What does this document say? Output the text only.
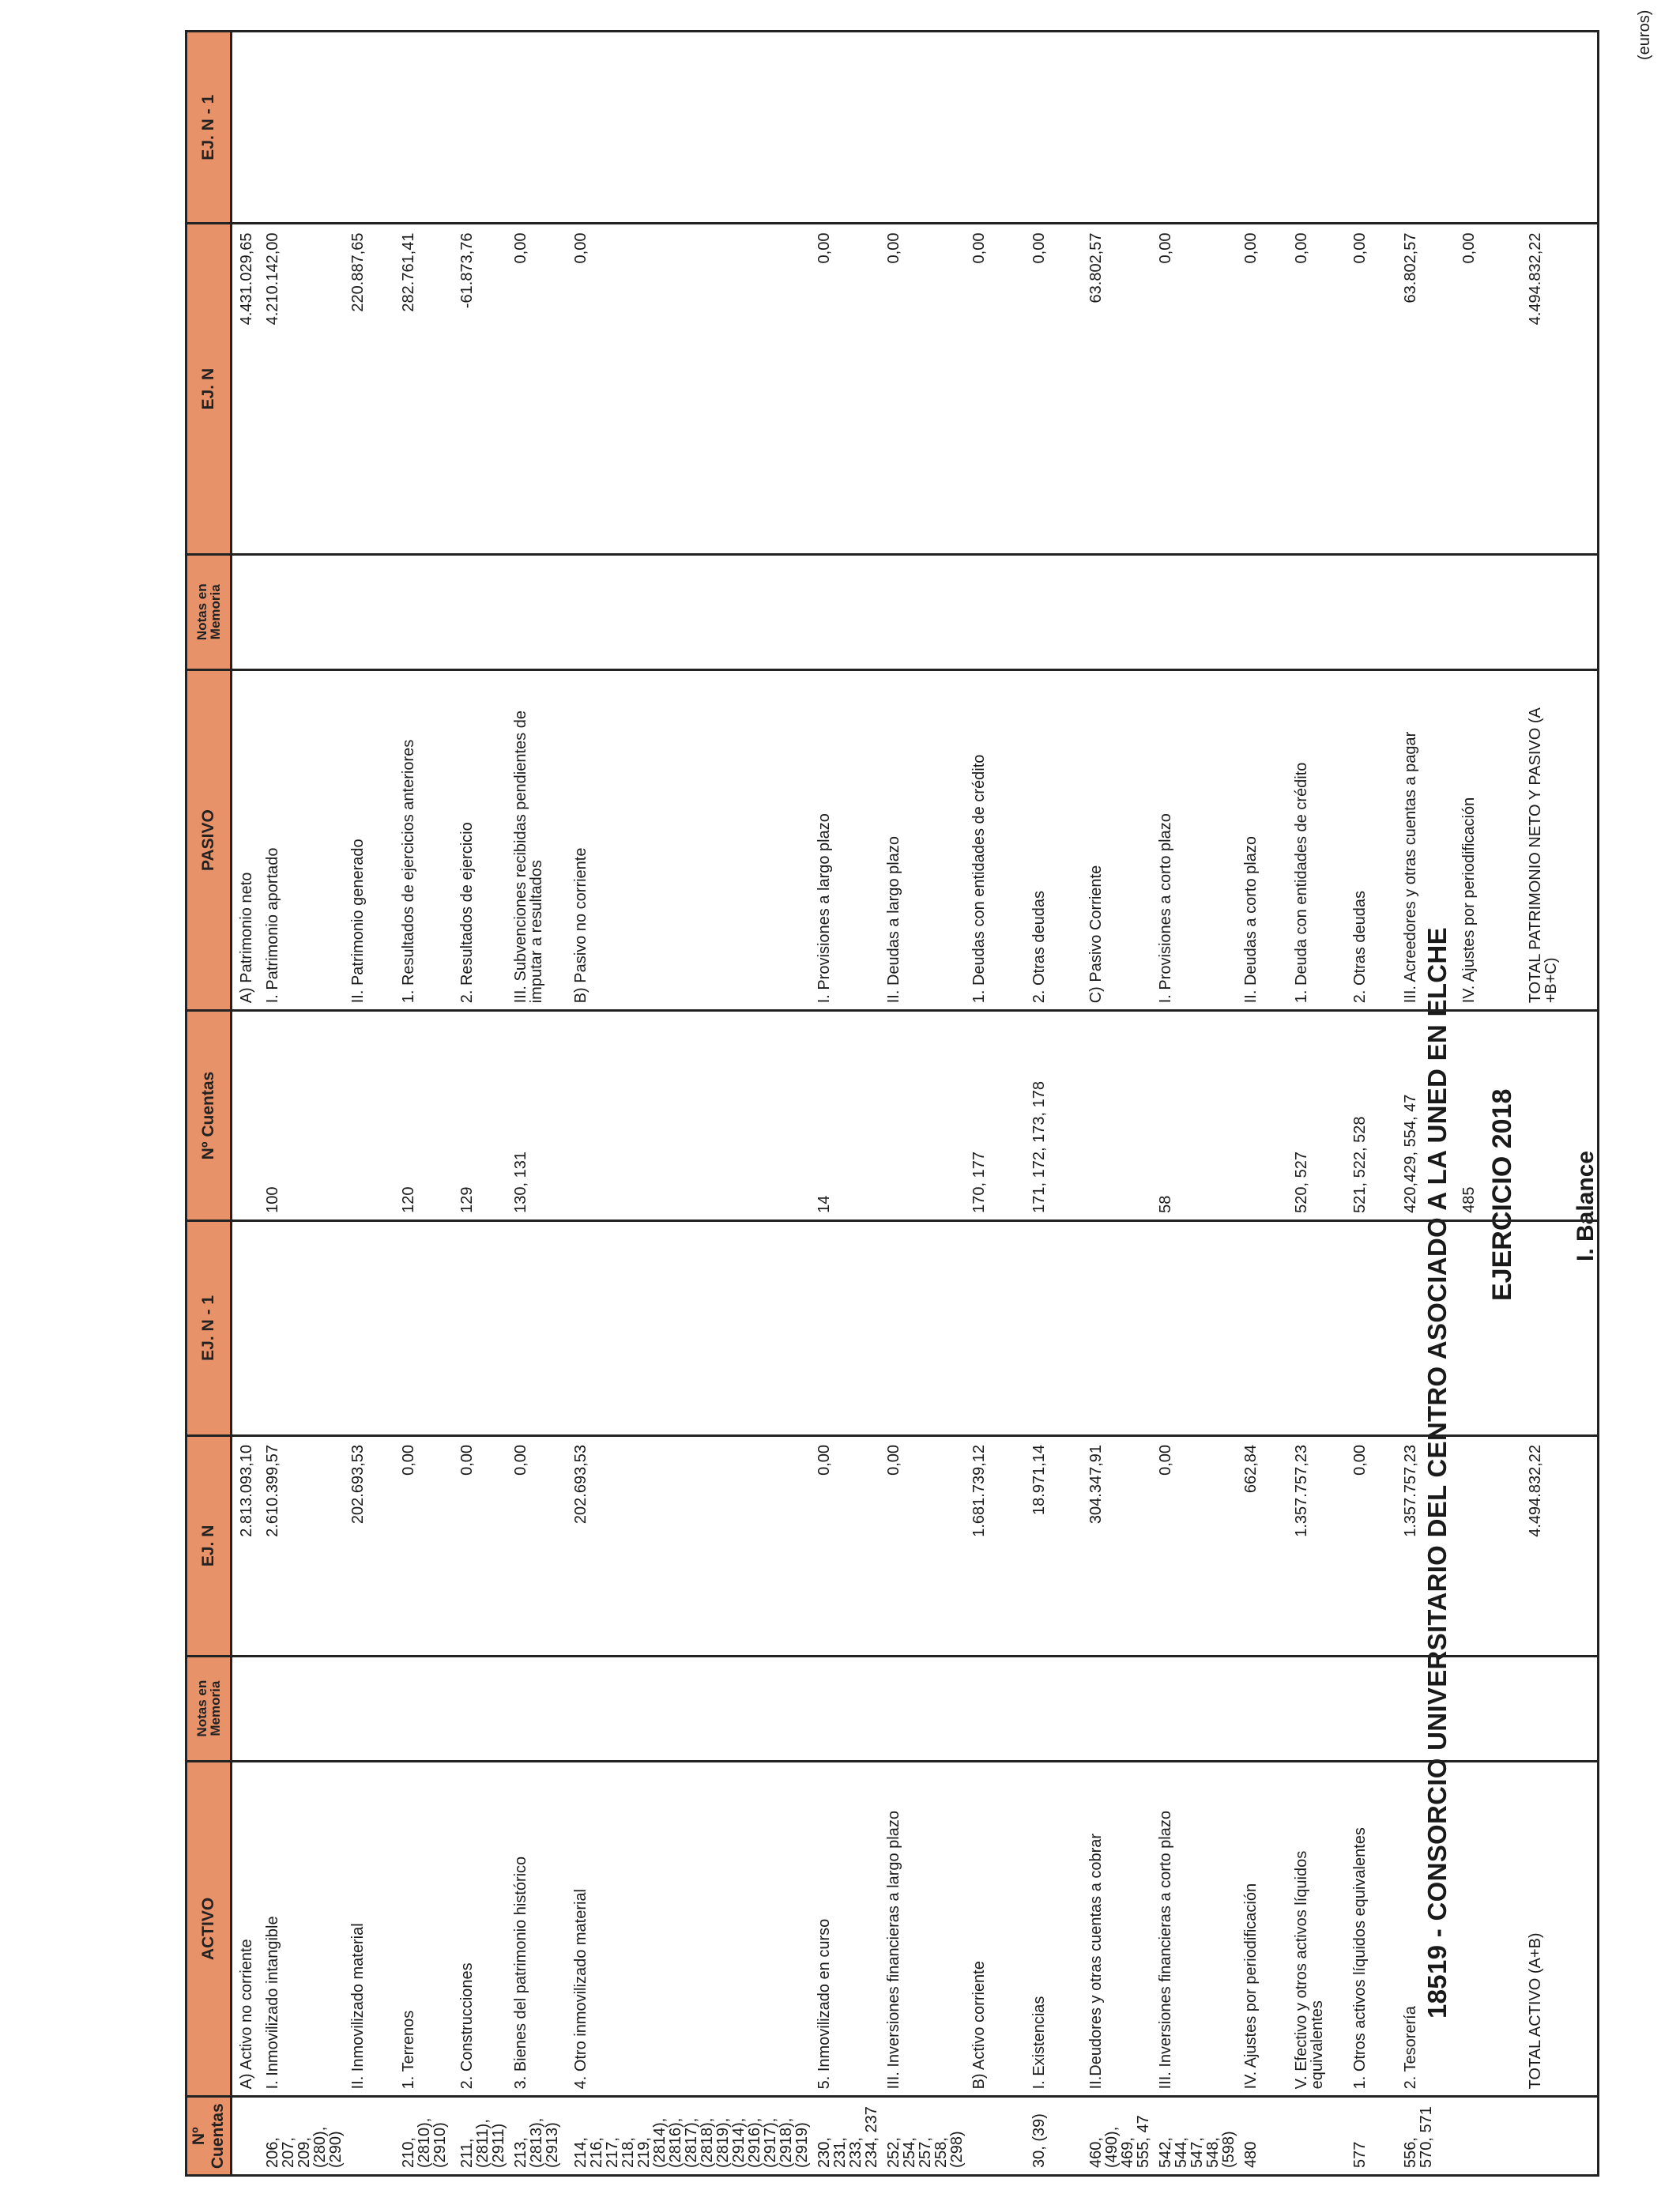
I. Balance
EJERCICIO 2018
18519 - CONSORCIO UNIVERSITARIO DEL CENTRO ASOCIADO A LA UNED EN ELCHE
(euros)
Nº Cuentas	ACTIVO	Notas en Memoria	EJ. N	EJ. N - 1	Nº Cuentas	PASIVO	Notas en Memoria	EJ. N	EJ. N - 1

	A) Activo no corriente		2.813.093,10			A) Patrimonio neto		4.431.029,65	

206, 207, 209, (280), (290)	I. Inmovilizado intangible		2.610.399,57		100	I. Patrimonio aportado		4.210.142,00	

	II. Inmovilizado material		202.693,53			II. Patrimonio generado		220.887,65	

210, (2810), (2910)	1. Terrenos		0,00		120	1. Resultados de ejercicios anteriores		282.761,41	

211, (2811), (2911)	2. Construcciones		0,00		129	2. Resultados de ejercicio		-61.873,76	

213, (2813), (2913)	3. Bienes del patrimonio histórico		0,00		130, 131	III. Subvenciones recibidas pendientes de imputar a resultados		0,00	

214, 216, 217, 218, 219, (2814), (2816), (2817), (2818), (2819), (2914), (2916), (2917), (2918), (2919)	4. Otro inmovilizado material		202.693,53			B) Pasivo no corriente		0,00	

230, 231, 233, 234, 237	5. Inmovilizado en curso		0,00		14	I. Provisiones a largo plazo		0,00	

252, 254, 257, 258, (298)	III. Inversiones financieras a largo plazo		0,00			II. Deudas a largo plazo		0,00	

	B) Activo corriente		1.681.739,12		170, 177	1. Deudas con entidades de crédito		0,00	

30, (39)	I. Existencias		18.971,14		171, 172, 173, 178	2. Otras deudas		0,00	

460, (490), 469, 555, 47	II.Deudores y otras cuentas a cobrar		304.347,91			C) Pasivo Corriente		63.802,57	

542, 544, 547, 548, (598)	III. Inversiones financieras a corto plazo		0,00		58	I. Provisiones a corto plazo		0,00	

480	IV. Ajustes por periodificación		662,84			II. Deudas a corto plazo		0,00	

	V. Efectivo y otros activos líquidos equivalentes		1.357.757,23		520, 527	1. Deuda con entidades de crédito		0,00	

577	1. Otros activos líquidos equivalentes		0,00		521, 522, 528	2. Otras deudas		0,00	

556, 570, 571	2. Tesorería		1.357.757,23		420,429, 554, 47	III. Acreedores y otras cuentas a pagar		63.802,57	

					485	IV. Ajustes por periodificación		0,00	

	TOTAL ACTIVO (A+B)		4.494.832,22			TOTAL PATRIMONIO NETO Y PASIVO (A +B+C)		4.494.832,22	
